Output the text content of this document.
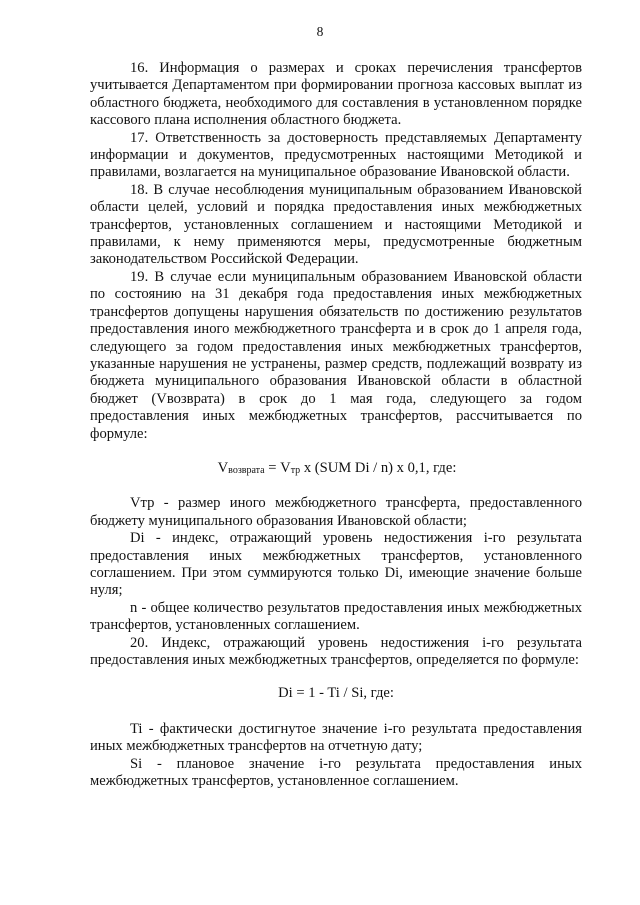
8

16. Информация о размерах и сроках перечисления трансфертов учитывается Департаментом при формировании прогноза кассовых выплат из областного бюджета, необходимого для составления в установленном порядке кассового плана исполнения областного бюджета.

17. Ответственность за достоверность представляемых Департаменту информации и документов, предусмотренных настоящими Методикой и правилами, возлагается на муниципальное образование Ивановской области.

18. В случае несоблюдения муниципальным образованием Ивановской области целей, условий и порядка предоставления иных межбюджетных трансфертов, установленных соглашением и настоящими Методикой и правилами, к нему применяются меры, предусмотренные бюджетным законодательством Российской Федерации.

19. В случае если муниципальным образованием Ивановской области по состоянию на 31 декабря года предоставления иных межбюджетных трансфертов допущены нарушения обязательств по достижению результатов предоставления иного межбюджетного трансферта и в срок до 1 апреля года, следующего за годом предоставления иных межбюджетных трансфертов, указанные нарушения не устранены, размер средств, подлежащий возврату из бюджета муниципального образования Ивановской области в областной бюджет (Vвозврата) в срок до 1 мая года, следующего за годом предоставления иных межбюджетных трансфертов, рассчитывается по формуле:

Vвозврата = Vтр x (SUM Di / n) x 0,1, где:

Vтр - размер иного межбюджетного трансферта, предоставленного бюджету муниципального образования Ивановской области;

Di - индекс, отражающий уровень недостижения i-го результата предоставления иных межбюджетных трансфертов, установленного соглашением. При этом суммируются только Di, имеющие значение больше нуля;

n - общее количество результатов предоставления иных межбюджетных трансфертов, установленных соглашением.

20. Индекс, отражающий уровень недостижения i-го результата предоставления иных межбюджетных трансфертов, определяется по формуле:

Di = 1 - Ti / Si, где:

Ti - фактически достигнутое значение i-го результата предоставления иных межбюджетных трансфертов на отчетную дату;

Si - плановое значение i-го результата предоставления иных межбюджетных трансфертов, установленное соглашением.
